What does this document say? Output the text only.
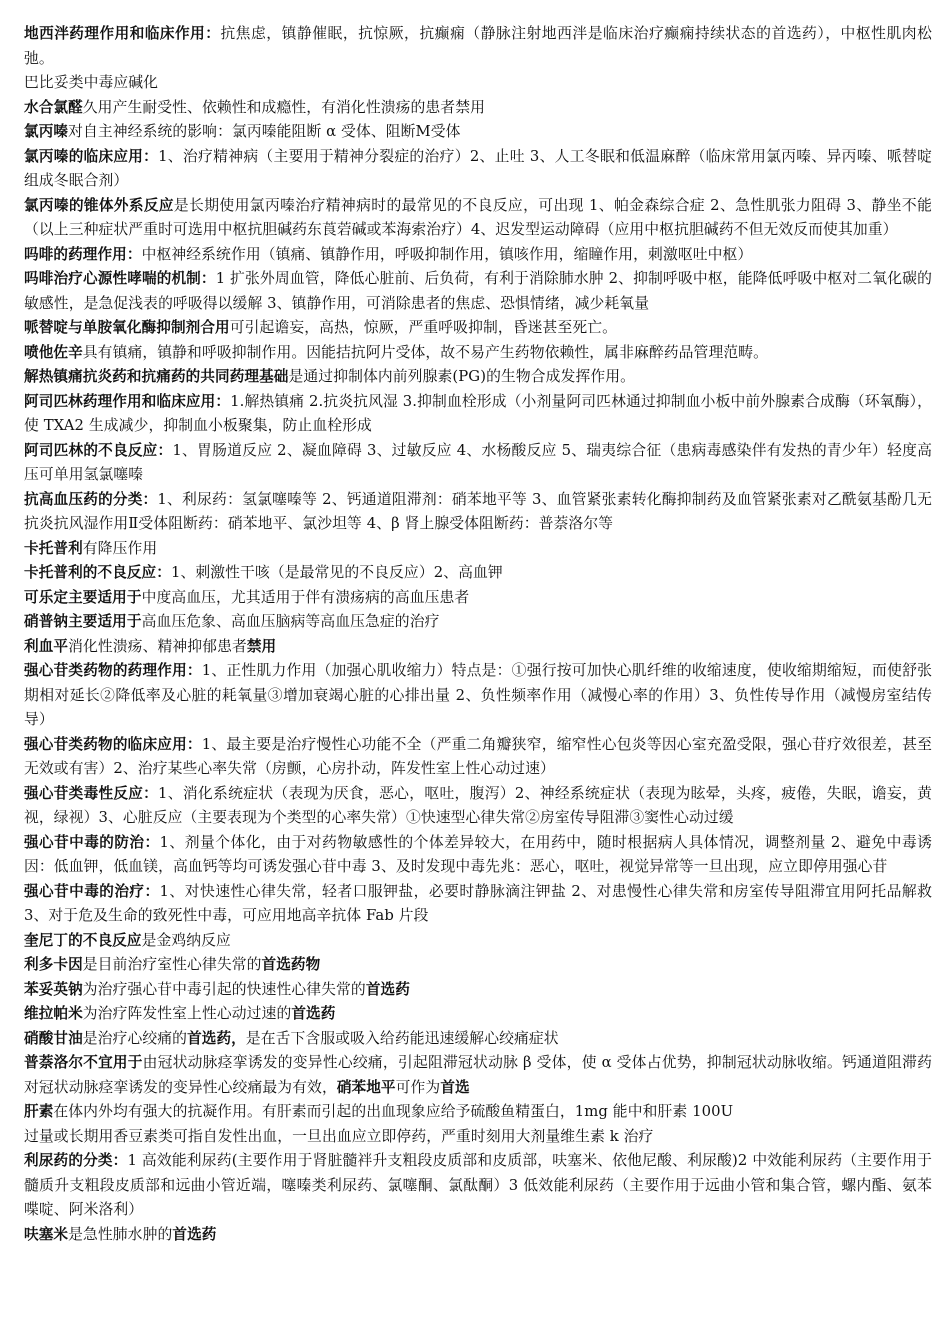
地西泮药理作用和临床作用：抗焦虑，镇静催眠，抗惊厥，抗癫痫（静脉注射地西泮是临床治疗癫痫持续状态的首选药），中枢性肌肉松弛。

巴比妥类中毒应碱化

水合氯醛久用产生耐受性、依赖性和成瘾性，有消化性溃疡的患者禁用

氯丙嗪对自主神经系统的影响：氯丙嗪能阻断 α 受体、阻断M受体

氯丙嗪的临床应用：1、治疗精神病（主要用于精神分裂症的治疗）2、止吐 3、人工冬眠和低温麻醉（临床常用氯丙嗪、异丙嗪、哌替啶组成冬眠合剂）

氯丙嗪的锥体外系反应是长期使用氯丙嗪治疗精神病时的最常见的不良反应，可出现 1、帕金森综合症 2、急性肌张力阻碍 3、静坐不能（以上三种症状严重时可选用中枢抗胆碱药东莨菪碱或苯海索治疗）4、迟发型运动障碍（应用中枢抗胆碱药不但无效反而使其加重）

吗啡的药理作用：中枢神经系统作用（镇痛、镇静作用，呼吸抑制作用，镇咳作用，缩瞳作用，刺激呕吐中枢）

吗啡治疗心源性哮喘的机制：1 扩张外周血管，降低心脏前、后负荷，有利于消除肺水肿 2、抑制呼吸中枢，能降低呼吸中枢对二氧化碳的敏感性，是急促浅表的呼吸得以缓解 3、镇静作用，可消除患者的焦虑、恐惧情绪，减少耗氧量

哌替啶与单胺氧化酶抑制剂合用可引起谵妄，高热，惊厥，严重呼吸抑制，昏迷甚至死亡。

喷他佐辛具有镇痛，镇静和呼吸抑制作用。因能拮抗阿片受体，故不易产生药物依赖性，属非麻醉药品管理范畴。

解热镇痛抗炎药和抗痛药的共同药理基础是通过抑制体内前列腺素(PG)的生物合成发挥作用。

阿司匹林药理作用和临床应用：1.解热镇痛 2.抗炎抗风湿 3.抑制血栓形成（小剂量阿司匹林通过抑制血小板中前外腺素合成酶（环氧酶），使 TXA2 生成减少，抑制血小板聚集，防止血栓形成

阿司匹林的不良反应：1、胃肠道反应 2、凝血障碍 3、过敏反应 4、水杨酸反应 5、瑞夷综合征（患病毒感染伴有发热的青少年）轻度高压可单用氢氯噻嗪

抗高血压药的分类：1、利尿药：氢氯噻嗪等 2、钙通道阻滞剂：硝苯地平等 3、血管紧张素转化酶抑制药及血管紧张素对乙酰氨基酚几无抗炎抗风湿作用Ⅱ受体阻断药：硝苯地平、氯沙坦等 4、β 肾上腺受体阻断药：普萘洛尔等

卡托普利有降压作用

卡托普利的不良反应：1、刺激性干咳（是最常见的不良反应）2、高血钾

可乐定主要适用于中度高血压，尤其适用于伴有溃疡病的高血压患者

硝普钠主要适用于高血压危象、高血压脑病等高血压急症的治疗

利血平消化性溃疡、精神抑郁患者禁用

强心苷类药物的药理作用：1、正性肌力作用（加强心肌收缩力）特点是：①强行按可加快心肌纤维的收缩速度，使收缩期缩短，而使舒张期相对延长②降低率及心脏的耗氧量③增加衰竭心脏的心排出量 2、负性频率作用（减慢心率的作用）3、负性传导作用（减慢房室结传导）

强心苷类药物的临床应用：1、最主要是治疗慢性心功能不全（严重二角瓣狭窄，缩窄性心包炎等因心室充盈受限，强心苷疗效很差，甚至无效或有害）2、治疗某些心率失常（房颤，心房扑动，阵发性室上性心动过速）

强心苷类毒性反应：1、消化系统症状（表现为厌食，恶心，呕吐，腹泻）2、神经系统症状（表现为眩晕，头疼，疲倦，失眠，谵妄，黄视，绿视）3、心脏反应（主要表现为个类型的心率失常）①快速型心律失常②房室传导阻滞③窦性心动过缓

强心苷中毒的防治：1、剂量个体化，由于对药物敏感性的个体差异较大，在用药中，随时根据病人具体情况，调整剂量 2、避免中毒诱因：低血钾，低血镁，高血钙等均可诱发强心苷中毒 3、及时发现中毒先兆：恶心，呕吐，视觉异常等一旦出现，应立即停用强心苷

强心苷中毒的治疗：1、对快速性心律失常，轻者口服钾盐，必要时静脉滴注钾盐 2、对患慢性心律失常和房室传导阻滞宜用阿托品解救 3、对于危及生命的致死性中毒，可应用地高辛抗体 Fab 片段

奎尼丁的不良反应是金鸡纳反应

利多卡因是目前治疗室性心律失常的首选药物

苯妥英钠为治疗强心苷中毒引起的快速性心律失常的首选药

维拉帕米为治疗阵发性室上性心动过速的首选药

硝酸甘油是治疗心绞痛的首选药，是在舌下含服或吸入给药能迅速缓解心绞痛症状

普萘洛尔不宜用于由冠状动脉痉挛诱发的变异性心绞痛，引起阻滞冠状动脉 β 受体，使 α 受体占优势，抑制冠状动脉收缩。钙通道阻滞药对冠状动脉痉挛诱发的变异性心绞痛最为有效，硝苯地平可作为首选

肝素在体内外均有强大的抗凝作用。有肝素而引起的出血现象应给予硫酸鱼精蛋白，1mg 能中和肝素 100U

过量或长期用香豆素类可指自发性出血，一旦出血应立即停药，严重时刻用大剂量维生素 k 治疗

利尿药的分类：1 高效能利尿药(主要作用于肾脏髓袢升支粗段皮质部和皮质部，呋塞米、依他尼酸、利尿酸)2 中效能利尿药（主要作用于髓质升支粗段皮质部和远曲小管近端，噻嗪类利尿药、氯噻酮、氯酞酮）3 低效能利尿药（主要作用于远曲小管和集合管，螺内酯、氨苯喋啶、阿米洛利）

呋塞米是急性肺水肿的首选药
